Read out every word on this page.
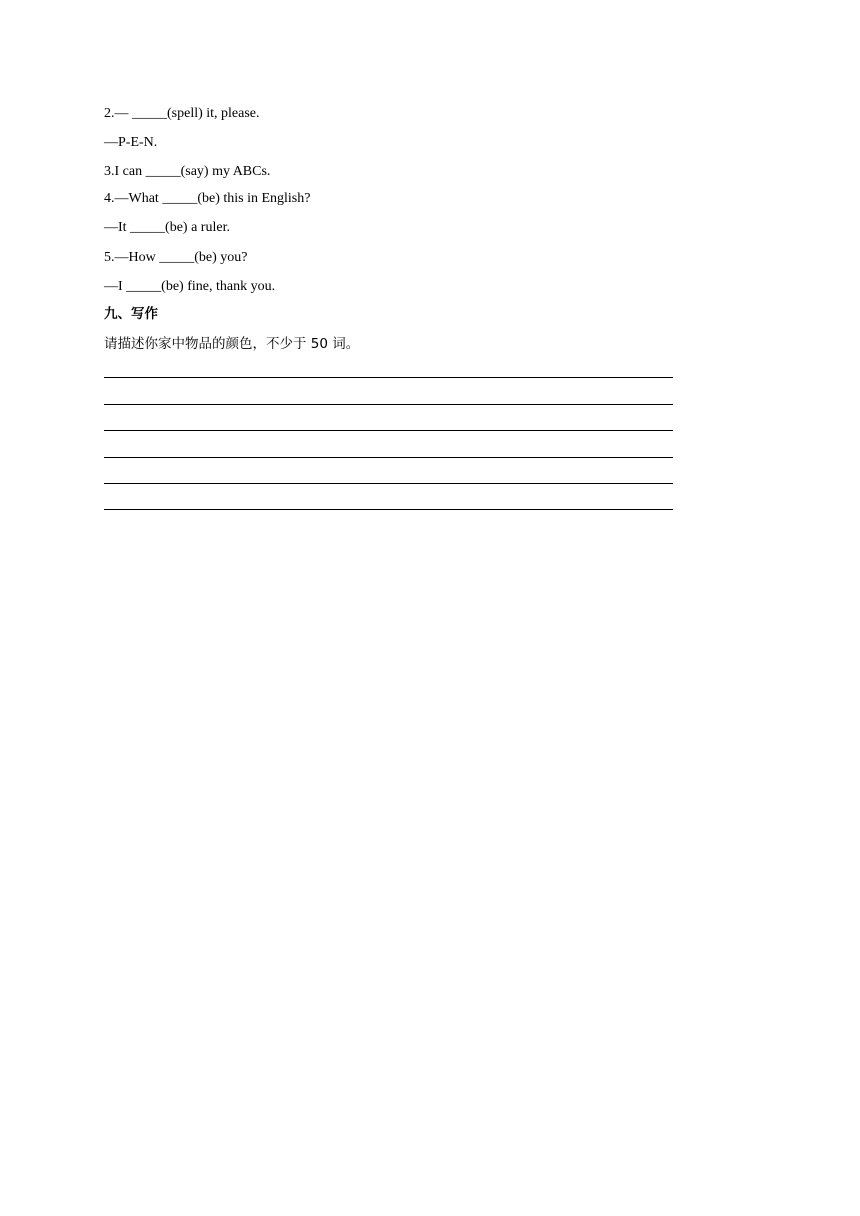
2.— _____(spell) it, please.
—P-E-N.
3.I can _____(say) my ABCs.
4.—What _____(be) this in English?
—It _____(be) a ruler.
5.—How _____(be) you?
—I _____(be) fine, thank you.
九、写作
请描述你家中物品的颜色，不少于 50 词。
